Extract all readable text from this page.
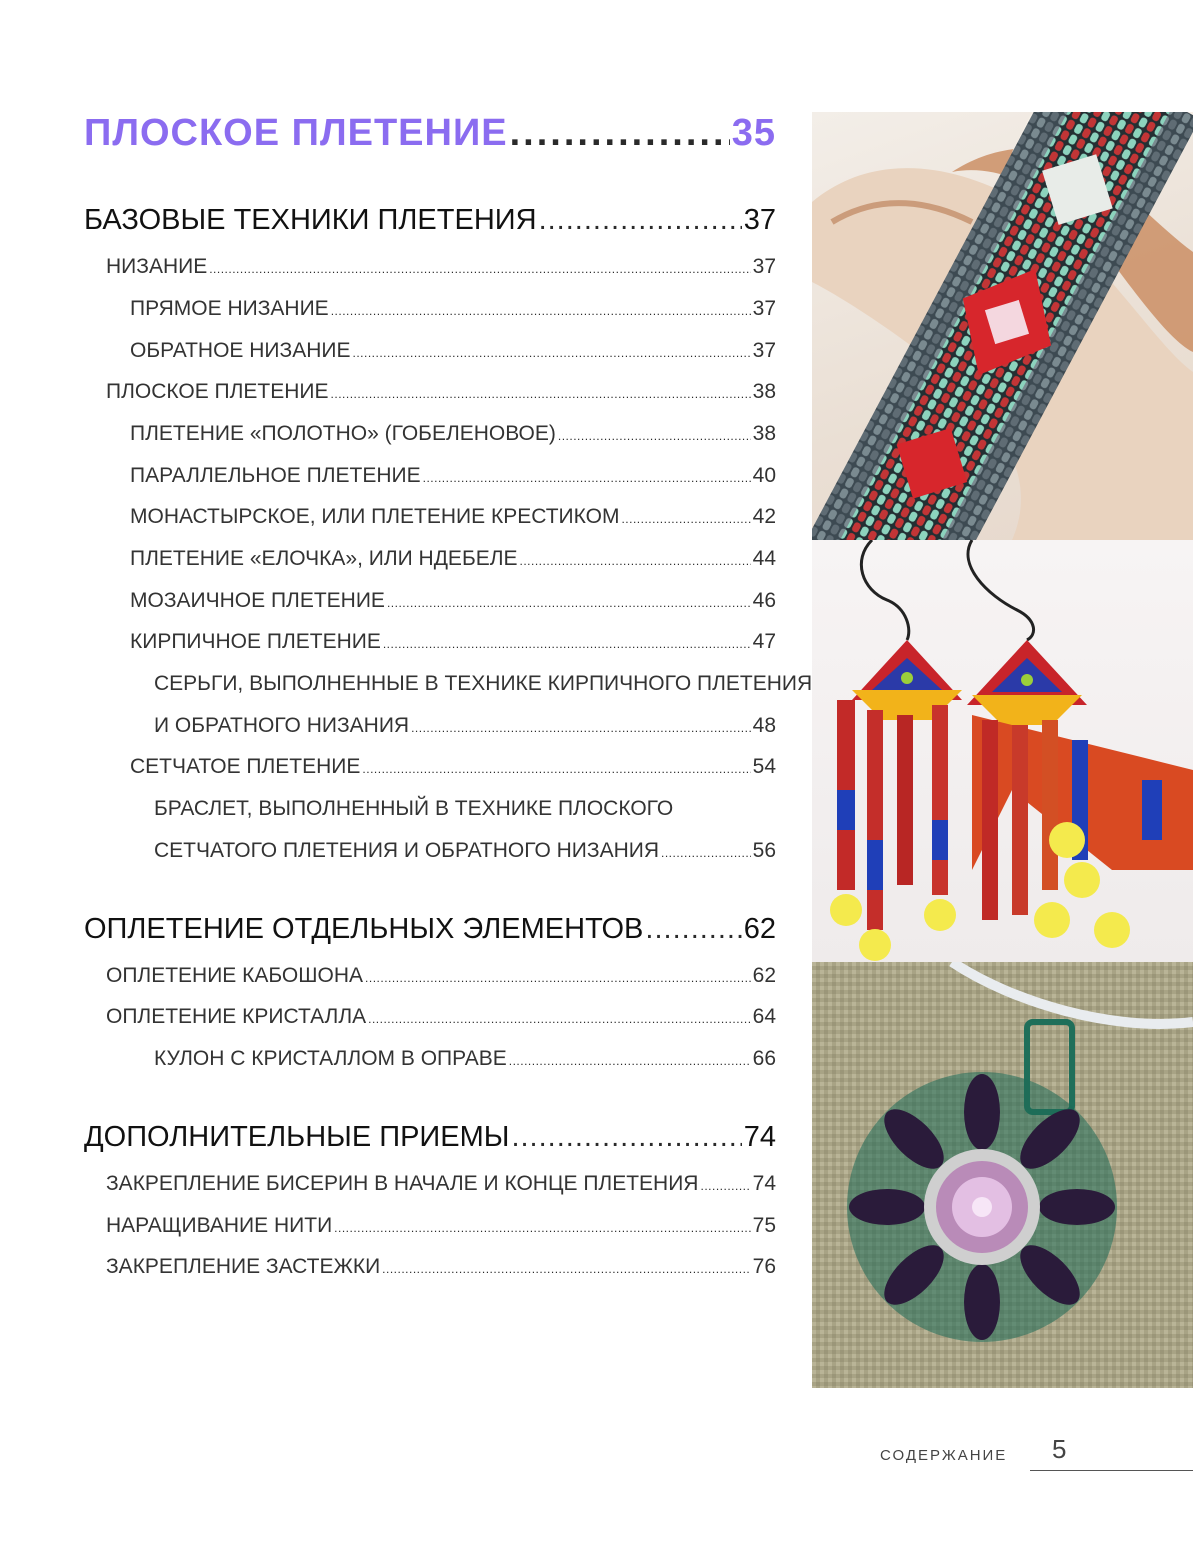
ПЛОСКОЕ ПЛЕТЕНИЕ .....	35
БАЗОВЫЕ ТЕХНИКИ ПЛЕТЕНИЯ .....	37
НИЗАНИЕ .....	37
ПРЯМОЕ НИЗАНИЕ .....	37
ОБРАТНОЕ НИЗАНИЕ .....	37
ПЛОСКОЕ ПЛЕТЕНИЕ .....	38
ПЛЕТЕНИЕ «ПОЛОТНО» (ГОБЕЛЕНОВОЕ) .....	38
ПАРАЛЛЕЛЬНОЕ ПЛЕТЕНИЕ .....	40
МОНАСТЫРСКОЕ, ИЛИ ПЛЕТЕНИЕ КРЕСТИКОМ .....	42
ПЛЕТЕНИЕ «ЕЛОЧКА», ИЛИ НДЕБЕЛЕ .....	44
МОЗАИЧНОЕ ПЛЕТЕНИЕ .....	46
КИРПИЧНОЕ ПЛЕТЕНИЕ .....	47
СЕРЬГИ, ВЫПОЛНЕННЫЕ В ТЕХНИКЕ КИРПИЧНОГО ПЛЕТЕНИЯ
И ОБРАТНОГО НИЗАНИЯ .....	48
СЕТЧАТОЕ ПЛЕТЕНИЕ .....	54
БРАСЛЕТ, ВЫПОЛНЕННЫЙ В ТЕХНИКЕ ПЛОСКОГО
СЕТЧАТОГО ПЛЕТЕНИЯ И ОБРАТНОГО НИЗАНИЯ .....	56
ОПЛЕТЕНИЕ ОТДЕЛЬНЫХ ЭЛЕМЕНТОВ .....	62
ОПЛЕТЕНИЕ КАБОШОНА .....	62
ОПЛЕТЕНИЕ КРИСТАЛЛА .....	64
КУЛОН С КРИСТАЛЛОМ В ОПРАВЕ .....	66
ДОПОЛНИТЕЛЬНЫЕ ПРИЕМЫ .....	74
ЗАКРЕПЛЕНИЕ БИСЕРИН В НАЧАЛЕ И КОНЦЕ ПЛЕТЕНИЯ .....	74
НАРАЩИВАНИЕ НИТИ .....	75
ЗАКРЕПЛЕНИЕ ЗАСТЕЖКИ .....	76
СОДЕРЖАНИЕ 5
